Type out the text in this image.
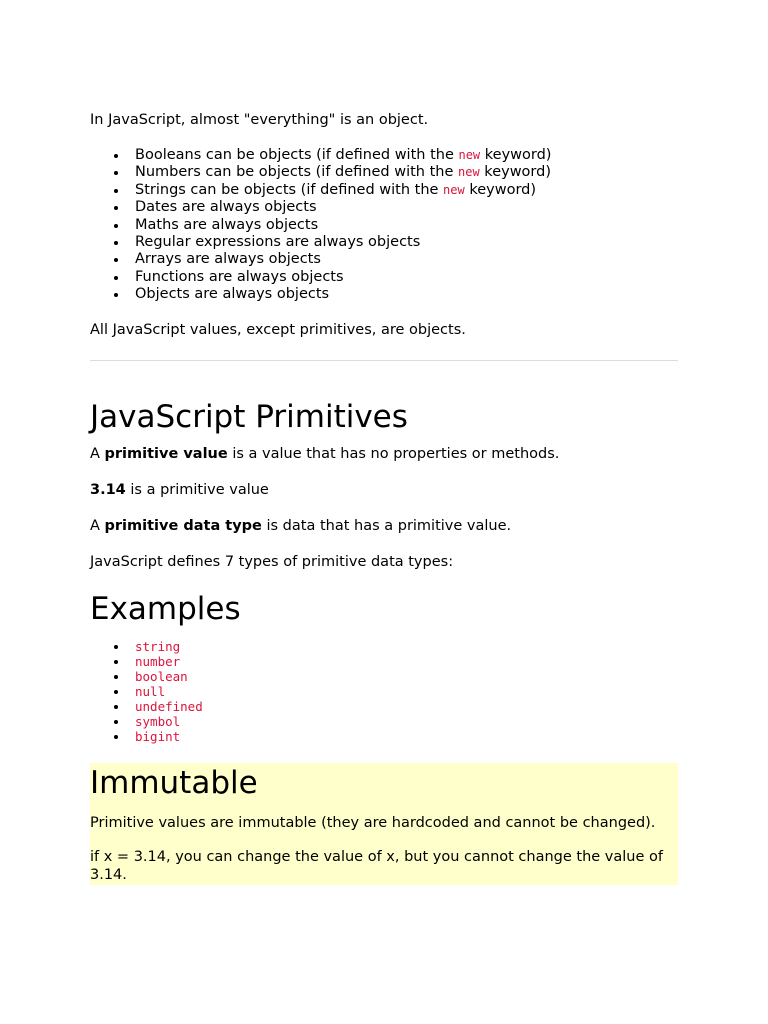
In JavaScript, almost "everything" is an object.

Booleans can be objects (if defined with the new keyword)
Numbers can be objects (if defined with the new keyword)
Strings can be objects (if defined with the new keyword)
Dates are always objects
Maths are always objects
Regular expressions are always objects
Arrays are always objects
Functions are always objects
Objects are always objects

All JavaScript values, except primitives, are objects.

JavaScript Primitives

A primitive value is a value that has no properties or methods.

3.14 is a primitive value

A primitive data type is data that has a primitive value.

JavaScript defines 7 types of primitive data types:

Examples
string
number
boolean
null
undefined
symbol
bigint
Immutable

Primitive values are immutable (they are hardcoded and cannot be changed).

if x = 3.14, you can change the value of x, but you cannot change the value of 3.14.
